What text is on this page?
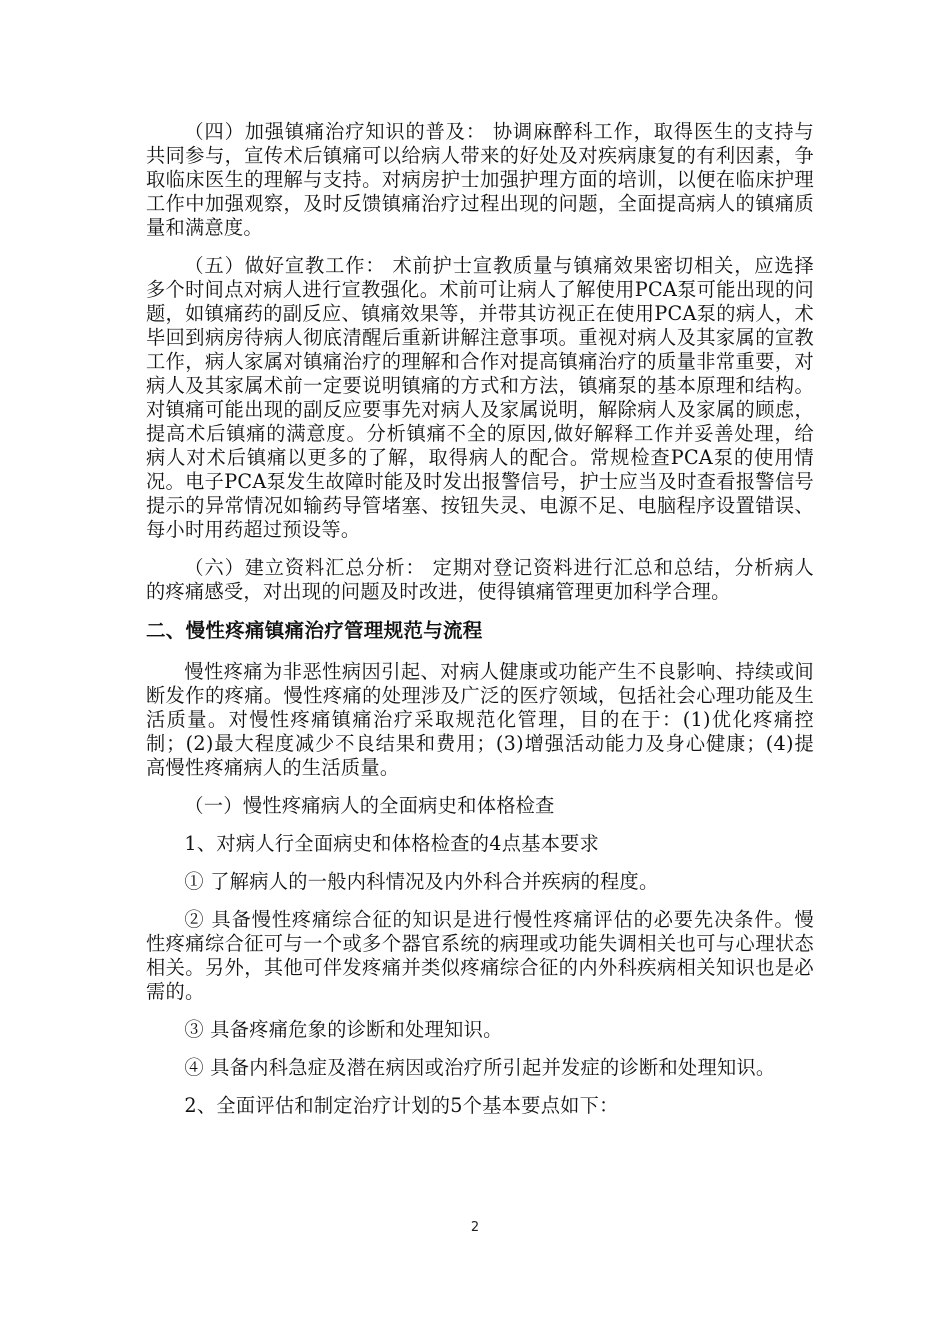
（四）加强镇痛治疗知识的普及： 协调麻醉科工作，取得医生的支持与共同参与，宣传术后镇痛可以给病人带来的好处及对疾病康复的有利因素，争取临床医生的理解与支持。对病房护士加强护理方面的培训，以便在临床护理工作中加强观察，及时反馈镇痛治疗过程出现的问题，全面提高病人的镇痛质量和满意度。

（五）做好宣教工作： 术前护士宣教质量与镇痛效果密切相关，应选择多个时间点对病人进行宣教强化。术前可让病人了解使用PCA泵可能出现的问题，如镇痛药的副反应、镇痛效果等，并带其访视正在使用PCA泵的病人，术毕回到病房待病人彻底清醒后重新讲解注意事项。重视对病人及其家属的宣教工作，病人家属对镇痛治疗的理解和合作对提高镇痛治疗的质量非常重要，对病人及其家属术前一定要说明镇痛的方式和方法，镇痛泵的基本原理和结构。对镇痛可能出现的副反应要事先对病人及家属说明，解除病人及家属的顾虑，提高术后镇痛的满意度。分析镇痛不全的原因,做好解释工作并妥善处理，给病人对术后镇痛以更多的了解，取得病人的配合。常规检查PCA泵的使用情况。电子PCA泵发生故障时能及时发出报警信号，护士应当及时查看报警信号提示的异常情况如输药导管堵塞、按钮失灵、电源不足、电脑程序设置错误、每小时用药超过预设等。

（六）建立资料汇总分析： 定期对登记资料进行汇总和总结，分析病人的疼痛感受，对出现的问题及时改进，使得镇痛管理更加科学合理。

二、慢性疼痛镇痛治疗管理规范与流程

慢性疼痛为非恶性病因引起、对病人健康或功能产生不良影响、持续或间断发作的疼痛。慢性疼痛的处理涉及广泛的医疗领域，包括社会心理功能及生活质量。对慢性疼痛镇痛治疗采取规范化管理，目的在于：(1)优化疼痛控制；(2)最大程度减少不良结果和费用；(3)增强活动能力及身心健康；(4)提高慢性疼痛病人的生活质量。

（一）慢性疼痛病人的全面病史和体格检查

1、对病人行全面病史和体格检查的4点基本要求

① 了解病人的一般内科情况及内外科合并疾病的程度。

② 具备慢性疼痛综合征的知识是进行慢性疼痛评估的必要先决条件。慢性疼痛综合征可与一个或多个器官系统的病理或功能失调相关也可与心理状态相关。另外，其他可伴发疼痛并类似疼痛综合征的内外科疾病相关知识也是必需的。

③ 具备疼痛危象的诊断和处理知识。

④ 具备内科急症及潜在病因或治疗所引起并发症的诊断和处理知识。

2、全面评估和制定治疗计划的5个基本要点如下：

2
